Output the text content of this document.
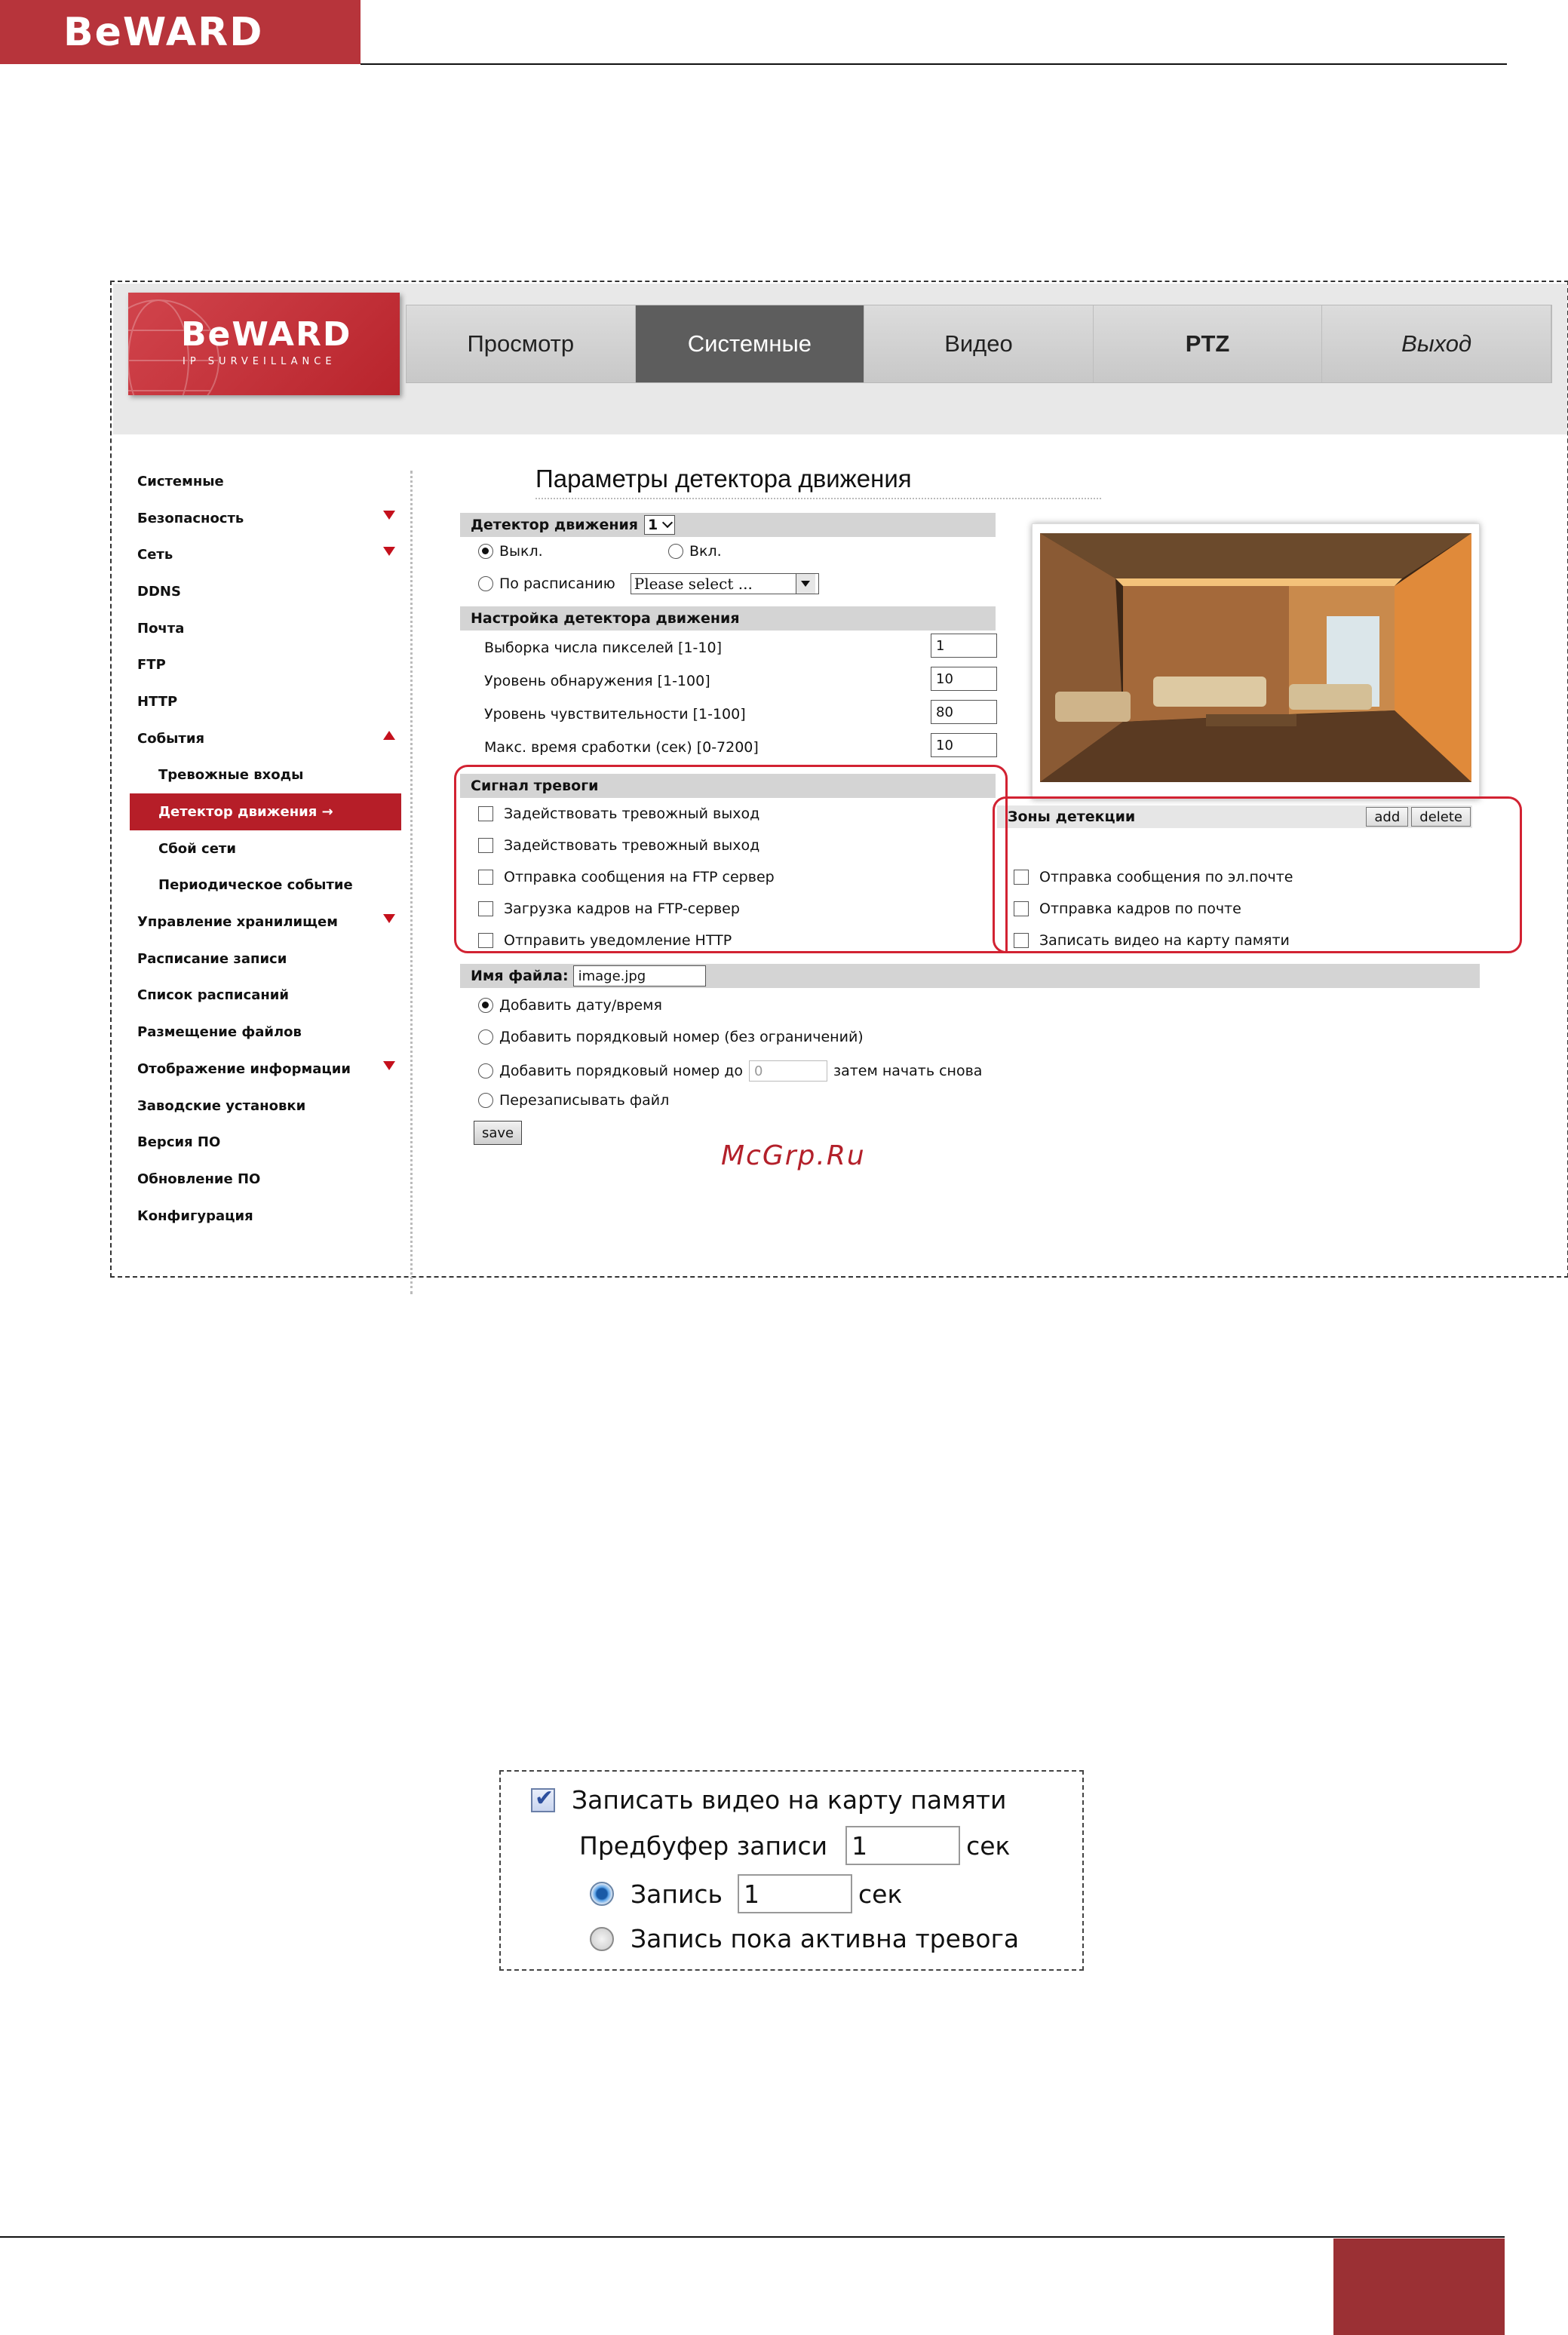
BeWARD
BeWARD
IP SURVEILLANCE
Просмотр	Системные	Видео	PTZ	Выход
Системные
Безопасность
Сеть
DDNS
Почта
FTP
HTTP
События
Тревожные входы
Детектор движения →
Сбой сети
Периодическое событие
Управление хранилищем
Расписание записи
Список расписаний
Размещение файлов
Отображение информации
Заводские установки
Версия ПО
Обновление ПО
Конфигурация
Параметры детектора движения
Детектор движения 1
Выкл.	Вкл.
По расписанию Please select ...
Настройка детектора движения
Выборка числа пикселей [1-10]	1
Уровень обнаружения [1-100]	10
Уровень чувствительности [1-100]	80
Макс. время сработки (сек) [0-7200]	10
Сигнал тревоги
Зоны детекции	add	delete
Задействовать тревожный выход
Задействовать тревожный выход
Отправка сообщения на FTP сервер
Загрузка кадров на FTP-сервер
Отправить уведомление HTTP
Отправка сообщения по эл.почте
Отправка кадров по почте
Записать видео на карту памяти
Имя файла: image.jpg
Добавить дату/время
Добавить порядковый номер (без ограничений)
Добавить порядковый номер до 0	затем начать снова
Перезаписывать файл
save
McGrp.Ru
✔
Записать видео на карту памяти
Предбуфер записи 1	сек
Запись 1	сек
Запись пока активна тревога
